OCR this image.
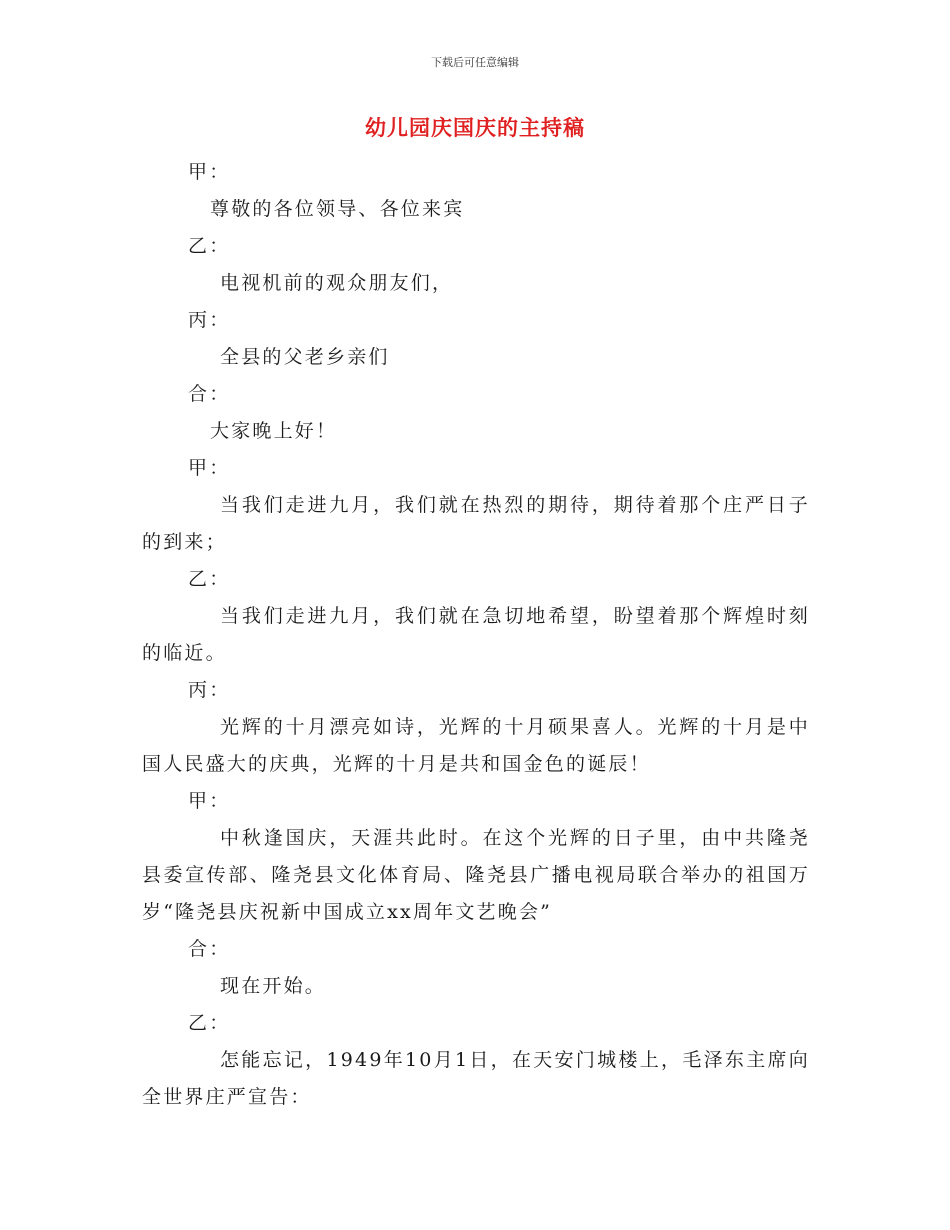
下载后可任意编辑
幼儿园庆国庆的主持稿
甲：
尊敬的各位领导、各位来宾
乙：
电视机前的观众朋友们，
丙：
全县的父老乡亲们
合：
大家晚上好！
甲：
当我们走进九月，我们就在热烈的期待，期待着那个庄严日子的到来；
乙：
当我们走进九月，我们就在急切地希望，盼望着那个辉煌时刻的临近。
丙：
光辉的十月漂亮如诗，光辉的十月硕果喜人。光辉的十月是中国人民盛大的庆典，光辉的十月是共和国金色的诞辰！
甲：
中秋逢国庆，天涯共此时。在这个光辉的日子里，由中共隆尧县委宣传部、隆尧县文化体育局、隆尧县广播电视局联合举办的祖国万岁“隆尧县庆祝新中国成立xx周年文艺晚会”
合：
现在开始。
乙：
怎能忘记，1949年10月1日，在天安门城楼上，毛泽东主席向全世界庄严宣告：
